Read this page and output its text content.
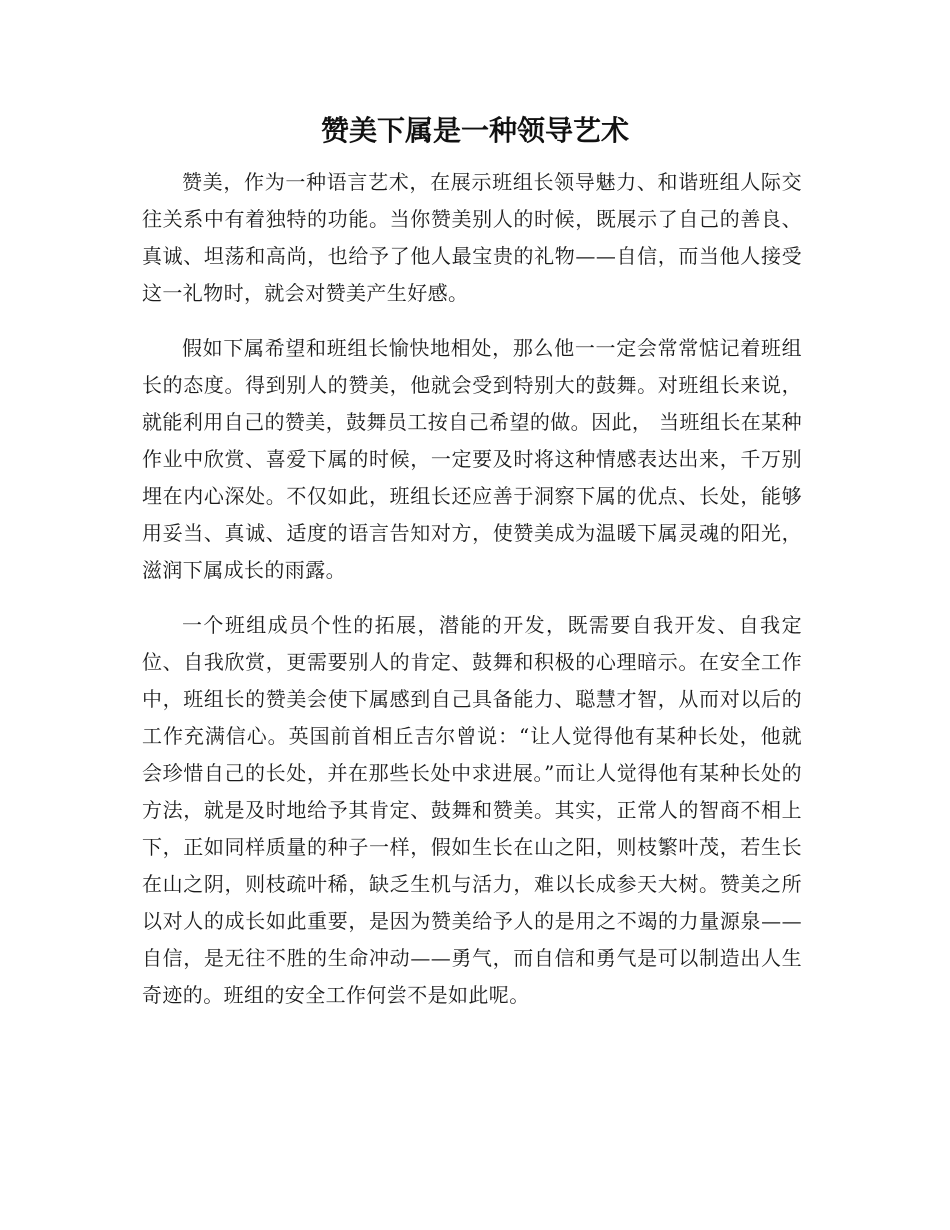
赞美下属是一种领导艺术

赞美，作为一种语言艺术，在展示班组长领导魅力、和谐班组人际交往关系中有着独特的功能。当你赞美别人的时候，既展示了自己的善良、真诚、坦荡和高尚，也给予了他人最宝贵的礼物——自信，而当他人接受这一礼物时，就会对赞美产生好感。

假如下属希望和班组长愉快地相处，那么他一一定会常常惦记着班组长的态度。得到别人的赞美，他就会受到特别大的鼓舞。对班组长来说，就能利用自己的赞美，鼓舞员工按自己希望的做。因此， 当班组长在某种作业中欣赏、喜爱下属的时候，一定要及时将这种情感表达出来，千万别埋在内心深处。不仅如此，班组长还应善于洞察下属的优点、长处，能够用妥当、真诚、适度的语言告知对方，使赞美成为温暖下属灵魂的阳光，滋润下属成长的雨露。

一个班组成员个性的拓展，潜能的开发，既需要自我开发、自我定位、自我欣赏，更需要别人的肯定、鼓舞和积极的心理暗示。在安全工作中，班组长的赞美会使下属感到自己具备能力、聪慧才智，从而对以后的工作充满信心。英国前首相丘吉尔曾说：“让人觉得他有某种长处，他就会珍惜自己的长处，并在那些长处中求进展。”而让人觉得他有某种长处的方法，就是及时地给予其肯定、鼓舞和赞美。其实，正常人的智商不相上下，正如同样质量的种子一样，假如生长在山之阳，则枝繁叶茂，若生长在山之阴，则枝疏叶稀，缺乏生机与活力，难以长成参天大树。赞美之所以对人的成长如此重要，是因为赞美给予人的是用之不竭的力量源泉——自信，是无往不胜的生命冲动——勇气，而自信和勇气是可以制造出人生奇迹的。班组的安全工作何尝不是如此呢。
